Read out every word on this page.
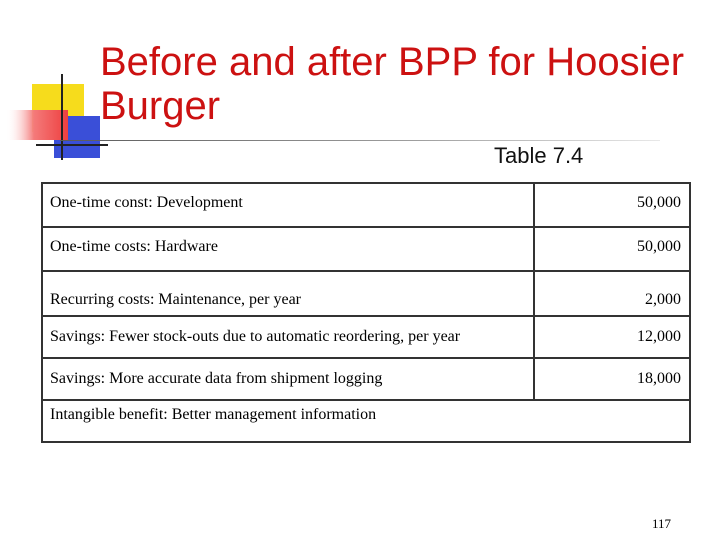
Before and after BPP for Hoosier Burger
Table 7.4
One-time const: Development	50,000
One-time costs: Hardware	50,000
Recurring costs: Maintenance, per year	2,000
Savings: Fewer stock-outs due to automatic reordering, per year	12,000
Savings: More accurate data from shipment logging	18,000
Intangible benefit: Better management information	
117
